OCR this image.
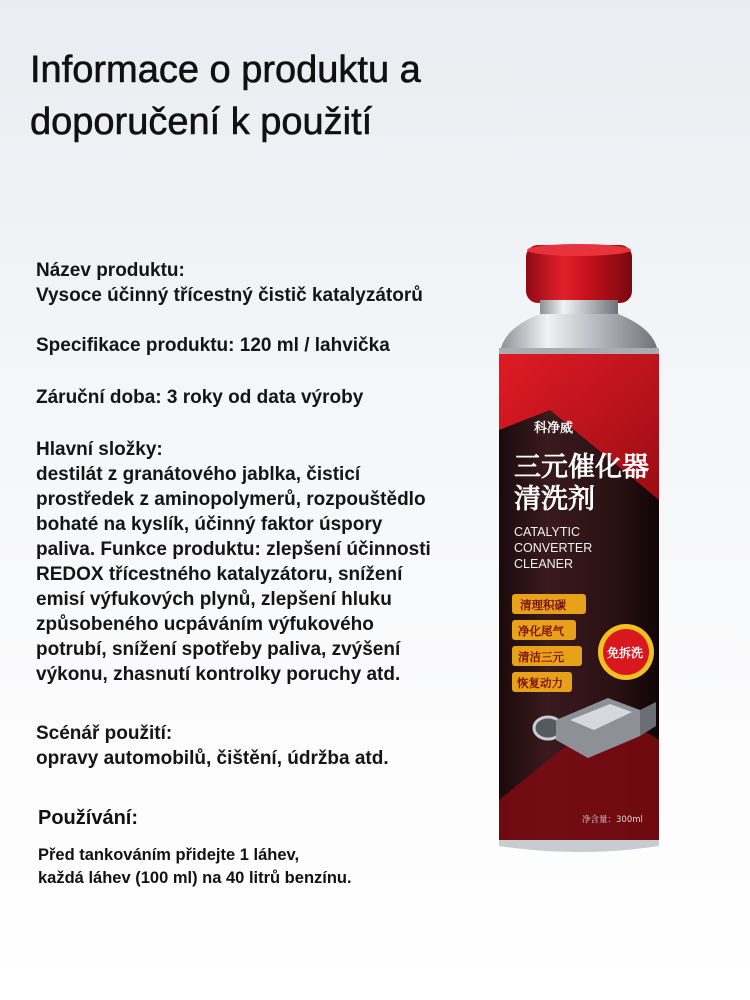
Informace o produktu a
doporučení k použití
Název produktu:
Vysoce účinný třícestný čistič katalyzátorů
Specifikace produktu: 120 ml / lahvička
Záruční doba: 3 roky od data výroby
Hlavní složky:
destilát z granátového jablka, čisticí
prostředek z aminopolymerů, rozpouštědlo
bohaté na kyslík, účinný faktor úspory
paliva. Funkce produktu: zlepšení účinnosti
REDOX třícestného katalyzátoru, snížení
emisí výfukových plynů, zlepšení hluku
způsobeného ucpáváním výfukového
potrubí, snížení spotřeby paliva, zvýšení
výkonu, zhasnutí kontrolky poruchy atd.
Scénář použití:
opravy automobilů, čištění, údržba atd.
Používání:
Před tankováním přidejte 1 láhev,
každá láhev (100 ml) na 40 litrů benzínu.
科净威
三元催化器
清洗剂
CATALYTIC
CONVERTER
CLEANER
清理积碳
净化尾气
清洁三元
恢复动力
免拆洗
净含量：300ml
